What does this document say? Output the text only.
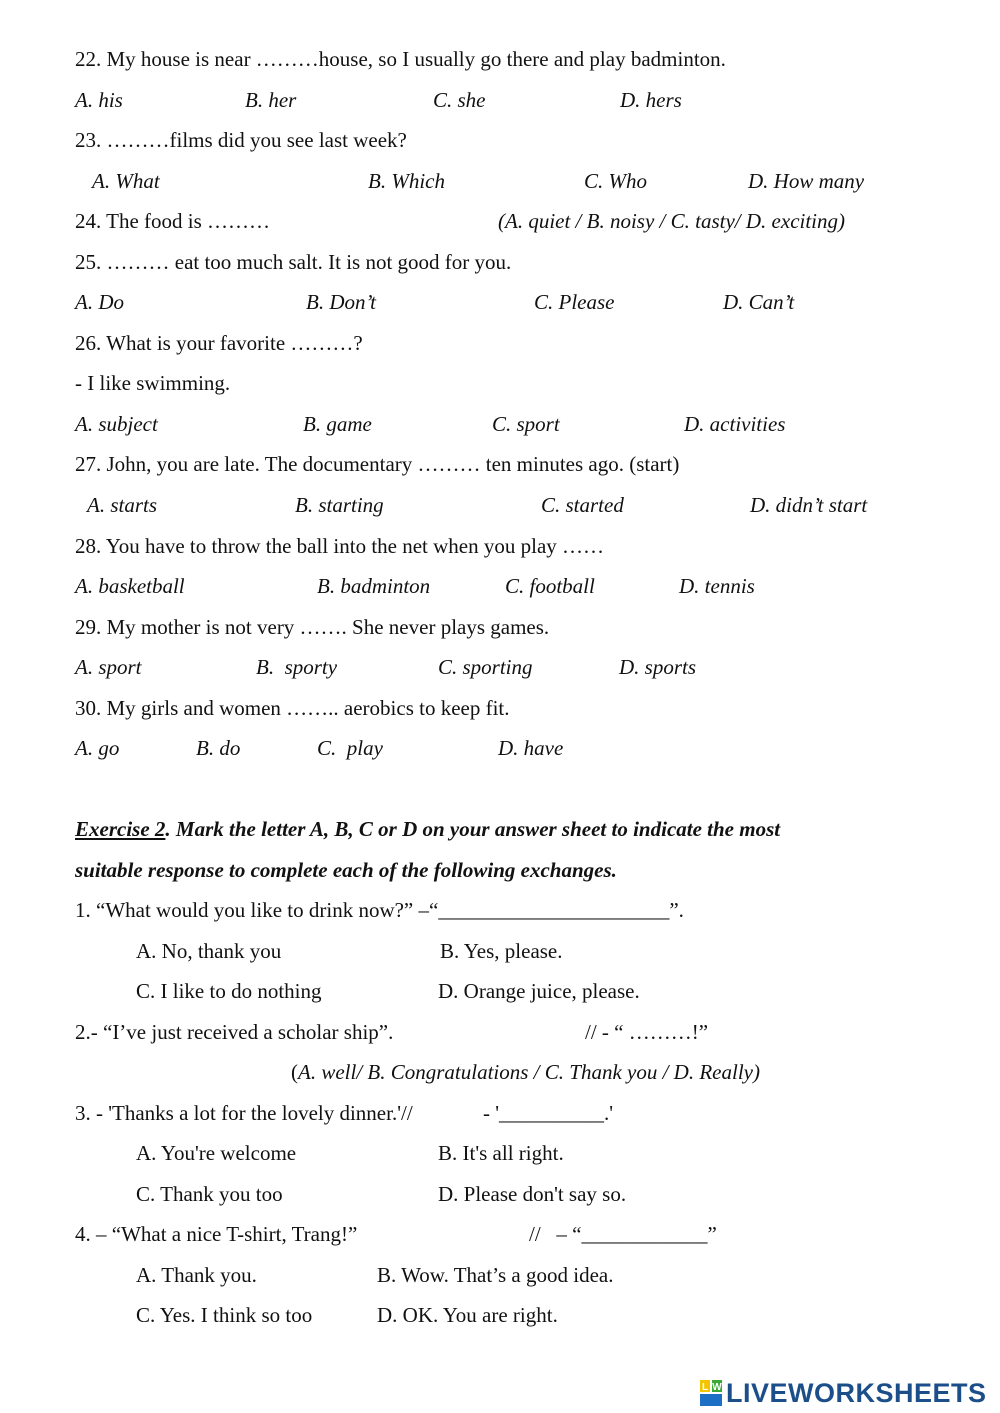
22. My house is near ………house, so I usually go there and play badminton.
A. his	B. her	C. she	D. hers
23. ………films did you see last week?
A. What	B. Which	C. Who	D. How many
24. The food is ………	(A. quiet / B. noisy / C. tasty/ D. exciting)
25. ……… eat too much salt. It is not good for you.
A. Do	B. Don’t	C. Please	D. Can’t
26. What is your favorite ………?
- I like swimming.
A. subject	B. game	C. sport	D. activities
27. John, you are late. The documentary ……… ten minutes ago. (start)
A. starts	B. starting	C. started	D. didn’t start
28. You have to throw the ball into the net when you play ……
A. basketball	B. badminton	C. football	D. tennis
29. My mother is not very ……. She never plays games.
A. sport	B.  sporty	C. sporting	D. sports
30. My girls and women …….. aerobics to keep fit.
A. go	B. do	C.  play	D. have
Exercise 2. Mark the letter A, B, C or D on your answer sheet to indicate the most
suitable response to complete each of the following exchanges.
1. “What would you like to drink now?” –“______________________”.
A. No, thank you	B. Yes, please.
C. I like to do nothing	D. Orange juice, please.
2.- “I’ve just received a scholar ship”.	// - “ ………!”
(A. well/ B. Congratulations / C. Thank you / D. Really)
3. - 'Thanks a lot for the lovely dinner.'//	- '__________.'
A. You're welcome	B. It's all right.
C. Thank you too	D. Please don't say so.
4. – “What a nice T-shirt, Trang!”	//   – “____________”
A. Thank you.	B. Wow. That’s a good idea.
C. Yes. I think so too	D. OK. You are right.
L W LIVEWORKSHEETS
